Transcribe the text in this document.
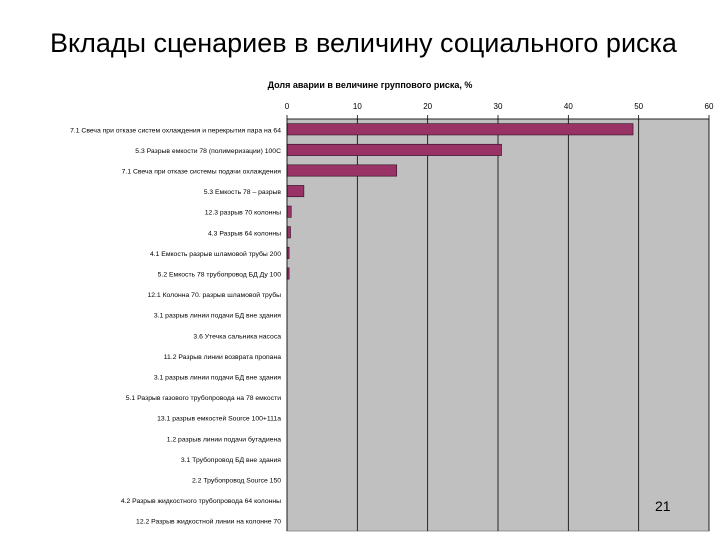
Вклады сценариев в величину социального риска
Доля аварии в величине группового риска, %
0	10	20	30	40	50	60
7.1 Свеча при отказе систем охлаждения и перекрытия пара на 64
5.3 Разрыв емкости 78 (полимеризации) 100С
7.1 Свеча при отказе системы подачи охлаждения
5.3 Емкость 78 – разрыв
12.3 разрыв 70 колонны
4.3 Разрыв 64 колонны
4.1 Емкость разрыв шламовой трубы 200
5.2 Емкость 78 трубопровод БД Ду 100
12.1 Колонна 70. разрыв шламовой трубы
3.1 разрыв линии подачи БД вне здания
3.6 Утечка сальника насоса
11.2 Разрыв линии возврата пропана
3.1 разрыв линии подачи БД вне здания
5.1 Разрыв газового трубопровода на 78 емкости
13.1 разрыв емкостей Source 100+111а
1.2 разрыв линии подачи бутадиена
3.1 Трубопровод БД вне здания
2.2 Трубопровод Source 150
4.2 Разрыв жидкостного трубопровода 64 колонны
12.2 Разрыв жидкостной линии на колонне 70
21
